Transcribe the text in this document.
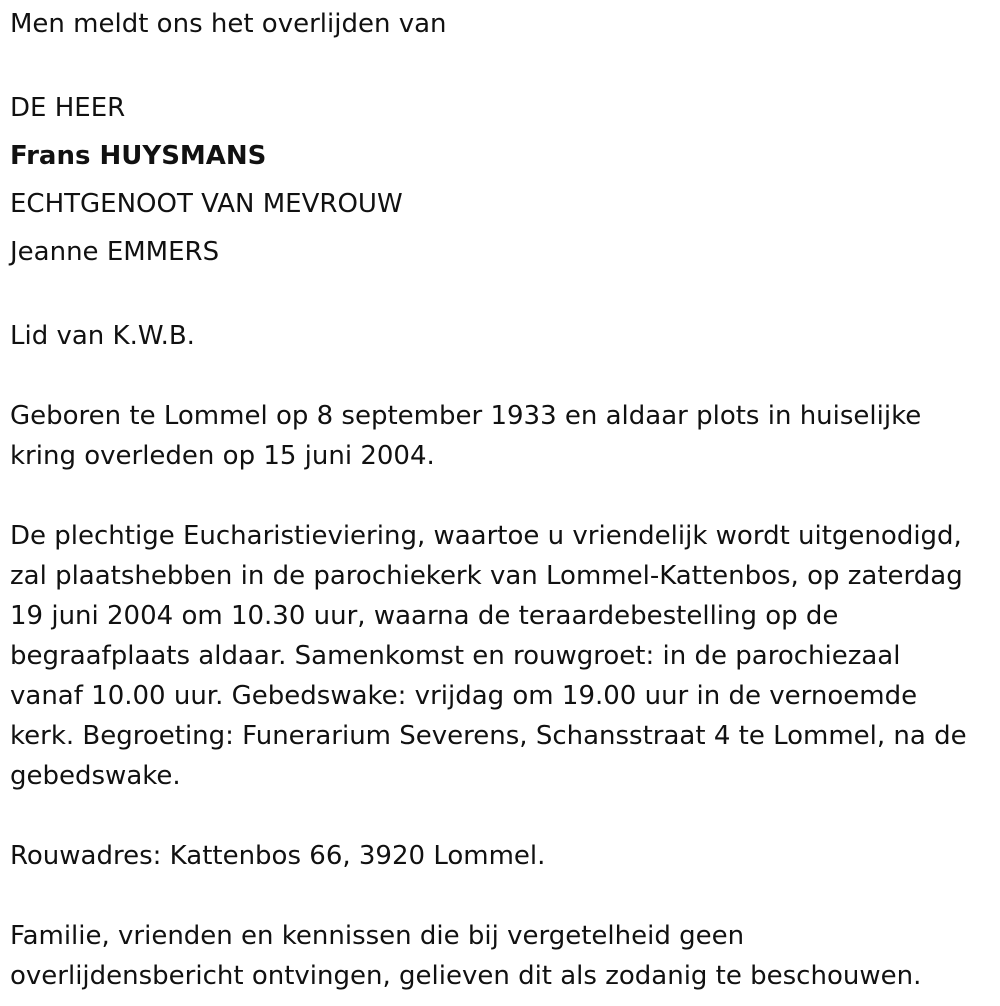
Men meldt ons het overlijden van

DE HEER

Frans HUYSMANS

ECHTGENOOT VAN MEVROUW

Jeanne EMMERS

Lid van K.W.B.

Geboren te Lommel op 8 september 1933 en aldaar plots in huiselijke
kring overleden op 15 juni 2004.

De plechtige Eucharistieviering, waartoe u vriendelijk wordt uitgenodigd,
zal plaatshebben in de parochiekerk van Lommel-Kattenbos, op zaterdag
19 juni 2004 om 10.30 uur, waarna de teraardebestelling op de
begraafplaats aldaar. Samenkomst en rouwgroet: in de parochiezaal
vanaf 10.00 uur. Gebedswake: vrijdag om 19.00 uur in de vernoemde
kerk. Begroeting: Funerarium Severens, Schansstraat 4 te Lommel, na de
gebedswake.

Rouwadres: Kattenbos 66, 3920 Lommel.

Familie, vrienden en kennissen die bij vergetelheid geen
overlijdensbericht ontvingen, gelieven dit als zodanig te beschouwen.
